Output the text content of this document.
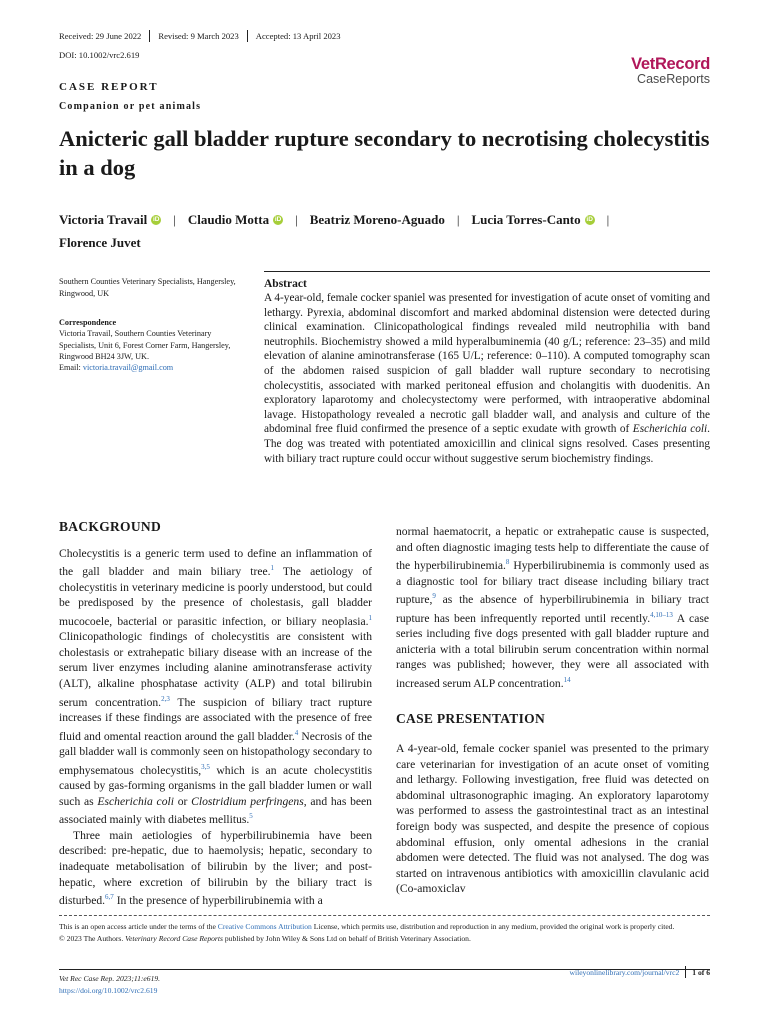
Received: 29 June 2022 Revised: 9 March 2023 Accepted: 13 April 2023
DOI: 10.1002/vrc2.619	VetRecord
CaseReports
CASE REPORT
Companion or pet animals
Anicteric gall bladder rupture secondary to necrotising cholecystitis in a dog
Victoria Travail iD | Claudio Motta iD | Beatriz Moreno-Aguado | Lucia Torres-Canto iD |

Florence Juvet
Southern Counties Veterinary Specialists, Hangersley, Ringwood, UK
Correspondence
Victoria Travail, Southern Counties Veterinary Specialists, Unit 6, Forest Corner Farm, Hangersley, Ringwood BH24 3JW, UK.
Email: victoria.travail@gmail.com
Abstract

A 4-year-old, female cocker spaniel was presented for investigation of acute onset of vomiting and lethargy. Pyrexia, abdominal discomfort and marked abdominal distension were detected during clinical examination. Clinicopathological findings revealed mild neutrophilia with band neutrophils. Biochemistry showed a mild hyperalbuminemia (40 g/L; reference: 23–35) and mild elevation of alanine aminotransferase (165 U/L; reference: 0–110). A computed tomography scan of the abdomen raised suspicion of gall bladder wall rupture secondary to necrotising cholecystitis, associated with marked peritoneal effusion and cholangitis with duodenitis. An exploratory laparotomy and cholecystectomy were performed, with intraoperative abdominal lavage. Histopathology revealed a necrotic gall bladder wall, and analysis and culture of the abdominal free fluid confirmed the presence of a septic exudate with growth of Escherichia coli. The dog was treated with potentiated amoxicillin and clinical signs resolved. Cases presenting with biliary tract rupture could occur without suggestive serum biochemistry findings.

BACKGROUND

Cholecystitis is a generic term used to define an inflammation of the gall bladder and main biliary tree.$^1$ The aetiology of cholecystitis in veterinary medicine is poorly understood, but could be predisposed by the presence of cholestasis, gall bladder mucocoele, bacterial or parasitic infection, or biliary neoplasia.$^1$ Clinicopathologic findings of cholecystitis are consistent with cholestasis or extrahepatic biliary disease with an increase of the serum liver enzymes including alanine aminotransferase activity (ALT), alkaline phosphatase activity (ALP) and total bilirubin serum concentration.$^{2,3}$ The suspicion of biliary tract rupture increases if these findings are associated with the presence of free fluid and omental reaction around the gall bladder.$^4$ Necrosis of the gall bladder wall is commonly seen on histopathology secondary to emphysematous cholecystitis,$^{3,5}$ which is an acute cholecystitis caused by gas-forming organisms in the gall bladder lumen or wall such as Escherichia coli or Clostridium perfringens, and has been associated mainly with diabetes mellitus.$^5$

Three main aetiologies of hyperbilirubinemia have been described: pre-hepatic, due to haemolysis; hepatic, secondary to inadequate metabolisation of bilirubin by the liver; and post-hepatic, where excretion of bilirubin by the biliary tract is disturbed.$^{6,7}$ In the presence of hyperbilirubinemia with a

normal haematocrit, a hepatic or extrahepatic cause is suspected, and often diagnostic imaging tests help to differentiate the cause of the hyperbilirubinemia.$^8$ Hyperbilirubinemia is commonly used as a diagnostic tool for biliary tract disease including biliary tract rupture,$^9$ as the absence of hyperbilirubinemia in biliary tract rupture has been infrequently reported until recently.$^{4,10-13}$ A case series including five dogs presented with gall bladder rupture and anicteria with a total bilirubin serum concentration within normal ranges was published; however, they were all associated with increased serum ALP concentration.$^{14}$

CASE PRESENTATION

A 4-year-old, female cocker spaniel was presented to the primary care veterinarian for investigation of an acute onset of vomiting and lethargy. Following investigation, free fluid was detected on abdominal ultrasonographic imaging. An exploratory laparotomy was performed to assess the gastrointestinal tract as an intestinal foreign body was suspected, and despite the presence of copious abdominal effusion, only omental adhesions in the cranial abdomen were detected. The fluid was not analysed. The dog was started on intravenous antibiotics with amoxicillin clavulanic acid (Co-amoxiclav

This is an open access article under the terms of the Creative Commons Attribution License, which permits use, distribution and reproduction in any medium, provided the original work is properly cited.

© 2023 The Authors. Veterinary Record Case Reports published by John Wiley & Sons Ltd on behalf of British Veterinary Association.

Vet Rec Case Rep. 2023;11:e619.
https://doi.org/10.1002/vrc2.619
wileyonlinelibrary.com/journal/vrc2 1 of 6
